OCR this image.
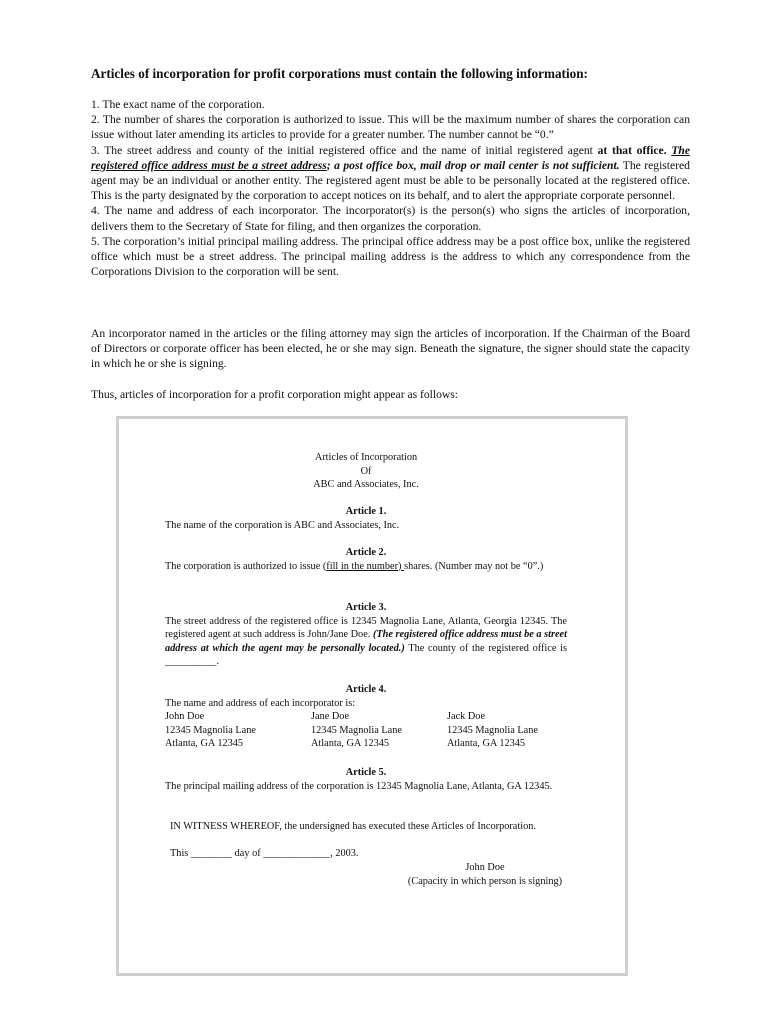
Articles of incorporation for profit corporations must contain the following information:

1. The exact name of the corporation.

2. The number of shares the corporation is authorized to issue. This will be the maximum number of shares the corporation can issue without later amending its articles to provide for a greater number. The number cannot be “0.”

3. The street address and county of the initial registered office and the name of initial registered agent at that office. The registered office address must be a street address; a post office box, mail drop or mail center is not sufficient. The registered agent may be an individual or another entity. The registered agent must be able to be personally located at the registered office. This is the party designated by the corporation to accept notices on its behalf, and to alert the appropriate corporate personnel.

4. The name and address of each incorporator. The incorporator(s) is the person(s) who signs the articles of incorporation, delivers them to the Secretary of State for filing, and then organizes the corporation.

5. The corporation’s initial principal mailing address. The principal office address may be a post office box, unlike the registered office which must be a street address. The principal mailing address is the address to which any correspondence from the Corporations Division to the corporation will be sent.

An incorporator named in the articles or the filing attorney may sign the articles of incorporation. If the Chairman of the Board of Directors or corporate officer has been elected, he or she may sign. Beneath the signature, the signer should state the capacity in which he or she is signing.
Thus, articles of incorporation for a profit corporation might appear as follows:

Articles of Incorporation

Of

ABC and Associates, Inc.

Article 1.

The name of the corporation is ABC and Associates, Inc.

Article 2.

The corporation is authorized to issue (fill in the number) shares. (Number may not be “0”.)

Article 3.

The street address of the registered office is 12345 Magnolia Lane, Atlanta, Georgia 12345. The registered agent at such address is John/Jane Doe. (The registered office address must be a street address at which the agent may be personally located.) The county of the registered office is __________.

Article 4.

The name and address of each incorporator is:

John Doe

12345 Magnolia Lane

Atlanta, GA 12345

Jane Doe

12345 Magnolia Lane

Atlanta, GA 12345

Jack Doe

12345 Magnolia Lane

Atlanta, GA 12345

Article 5.

The principal mailing address of the corporation is 12345 Magnolia Lane, Atlanta, GA 12345.

IN WITNESS WHEREOF, the undersigned has executed these Articles of Incorporation.
This ________ day of _____________, 2003.

John Doe

(Capacity in which person is signing)
